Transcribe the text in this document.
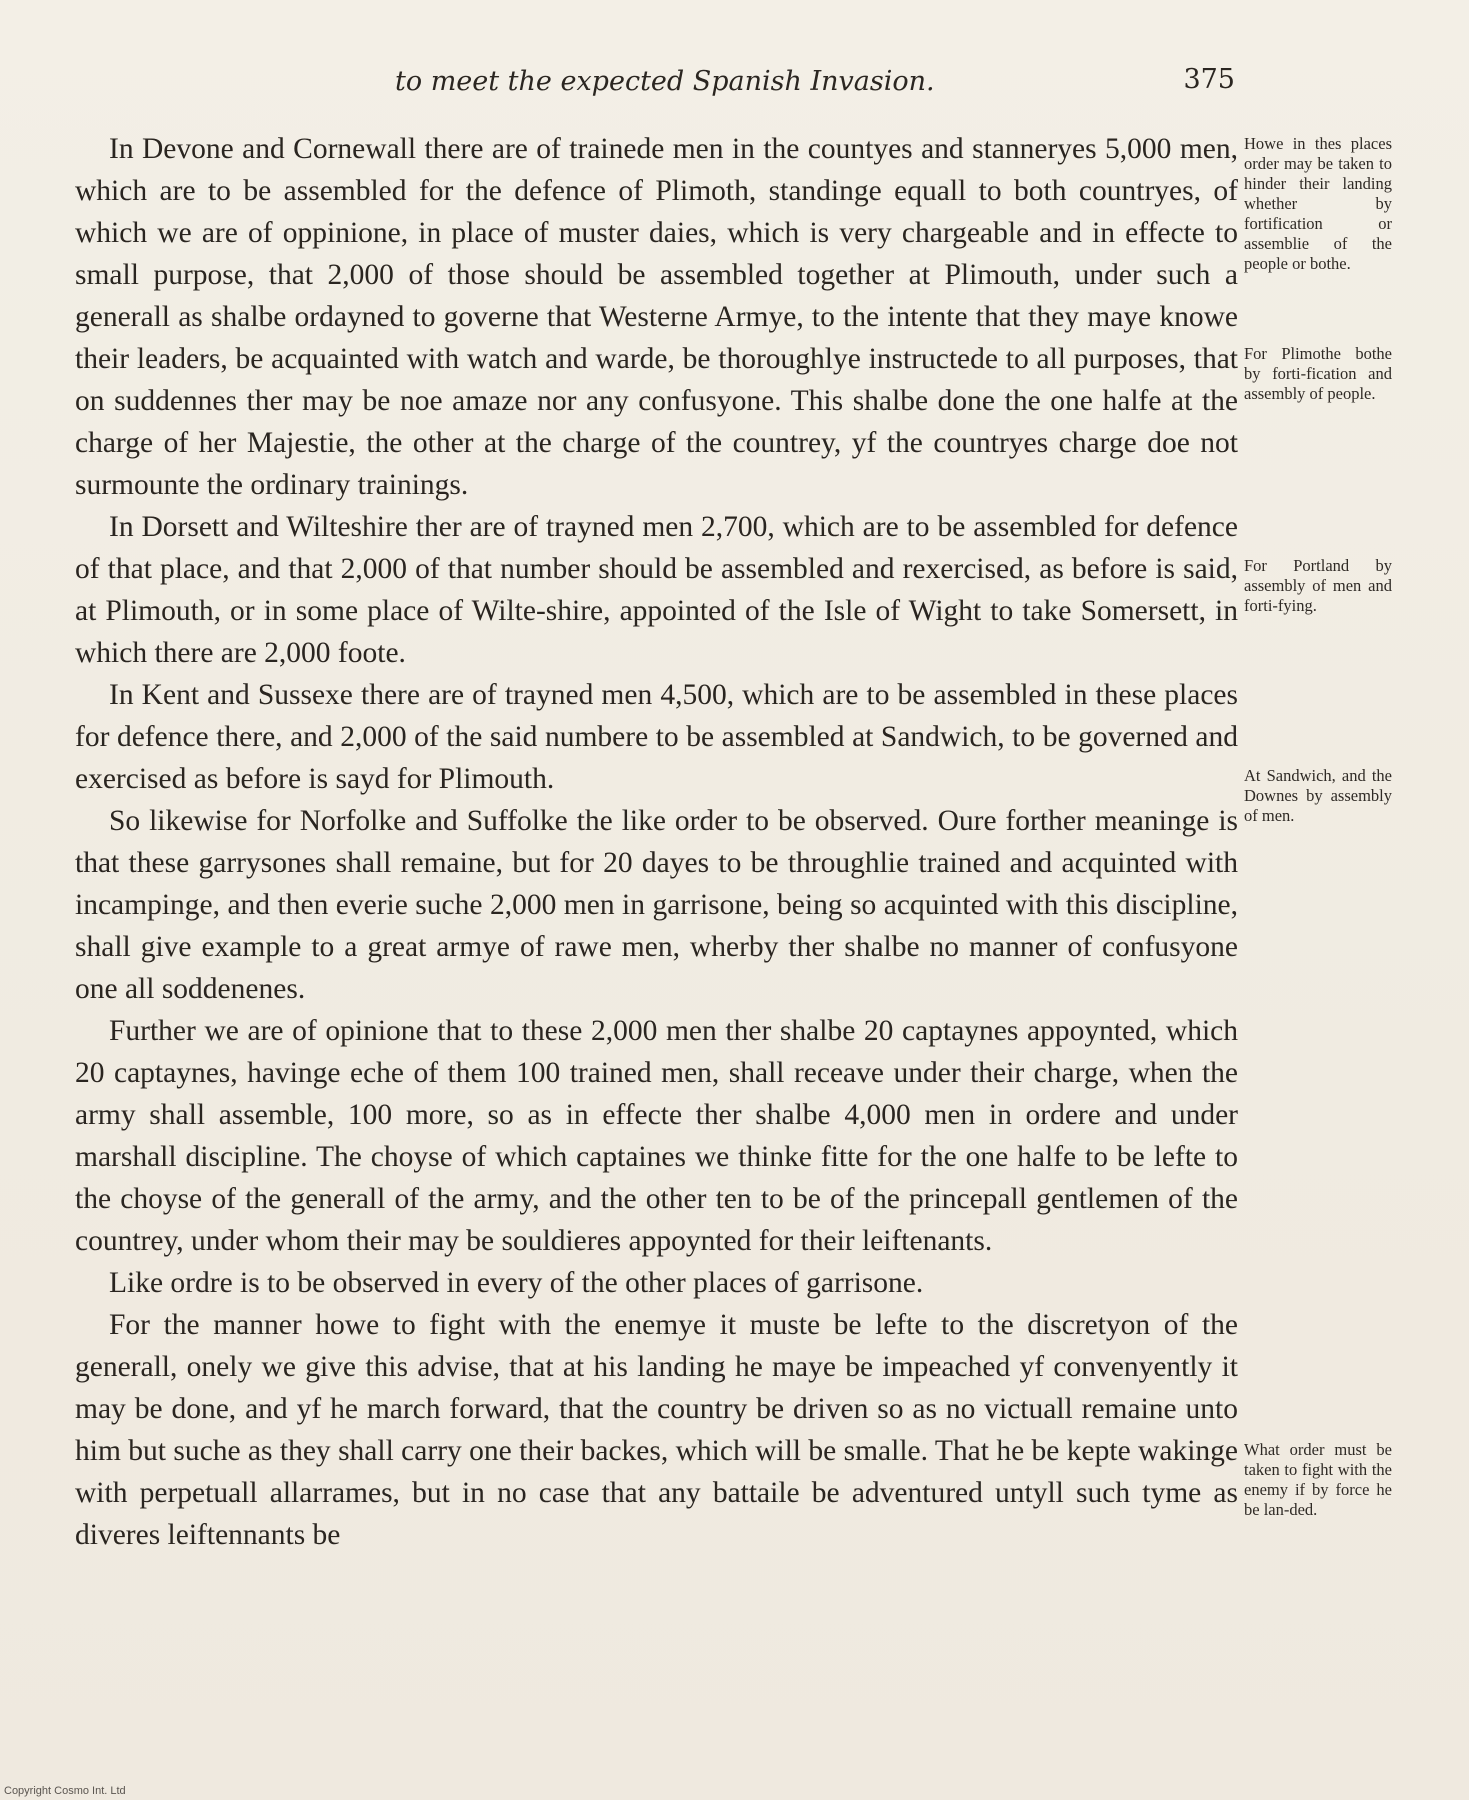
to meet the expected Spanish Invasion.	375

In Devone and Cornewall there are of trainede men in the countyes and stanneryes 5,000 men, which are to be assembled for the defence of Plimoth, standinge equall to both countryes, of which we are of oppinione, in place of muster daies, which is very chargeable and in effecte to small purpose, that 2,000 of those should be assembled together at Plimouth, under such a generall as shalbe ordayned to governe that Westerne Armye, to the intente that they maye knowe their leaders, be acquainted with watch and warde, be thoroughlye instructede to all purposes, that on suddennes ther may be noe amaze nor any confusyone. This shalbe done the one halfe at the charge of her Majestie, the other at the charge of the countrey, yf the countryes charge doe not surmounte the ordinary trainings.

In Dorsett and Wilteshire ther are of trayned men 2,700, which are to be assembled for defence of that place, and that 2,000 of that number should be assembled and rexercised, as before is said, at Plimouth, or in some place of Wilte-shire, appointed of the Isle of Wight to take Somersett, in which there are 2,000 foote.

In Kent and Sussexe there are of trayned men 4,500, which are to be assembled in these places for defence there, and 2,000 of the said numbere to be assembled at Sandwich, to be governed and exercised as before is sayd for Plimouth.

So likewise for Norfolke and Suffolke the like order to be observed. Oure forther meaninge is that these garrysones shall remaine, but for 20 dayes to be throughlie trained and acquinted with incampinge, and then everie suche 2,000 men in garrisone, being so acquinted with this discipline, shall give example to a great armye of rawe men, wherby ther shalbe no manner of confusyone one all soddenenes.

Further we are of opinione that to these 2,000 men ther shalbe 20 captaynes appoynted, which 20 captaynes, havinge eche of them 100 trained men, shall receave under their charge, when the army shall assemble, 100 more, so as in effecte ther shalbe 4,000 men in ordere and under marshall discipline. The choyse of which captaines we thinke fitte for the one halfe to be lefte to the choyse of the generall of the army, and the other ten to be of the princepall gentlemen of the countrey, under whom their may be souldieres appoynted for their leiftenants.

Like ordre is to be observed in every of the other places of garrisone.

For the manner howe to fight with the enemye it muste be lefte to the discretyon of the generall, onely we give this advise, that at his landing he maye be impeached yf convenyently it may be done, and yf he march forward, that the country be driven so as no victuall remaine unto him but suche as they shall carry one their backes, which will be smalle. That he be kepte wakinge with perpetuall allarrames, but in no case that any battaile be adventured untyll such tyme as diveres leiftennants be

Howe in thes places order may be taken to hinder their landing whether by fortification or assemblie of the people or bothe.
For Plimothe bothe by forti-fication and assembly of people.
For Portland by assembly of men and forti-fying.
At Sandwich, and the Downes by assembly of men.
What order must be taken to fight with the enemy if by force he be lan-ded.
Copyright Cosmo Int. Ltd
